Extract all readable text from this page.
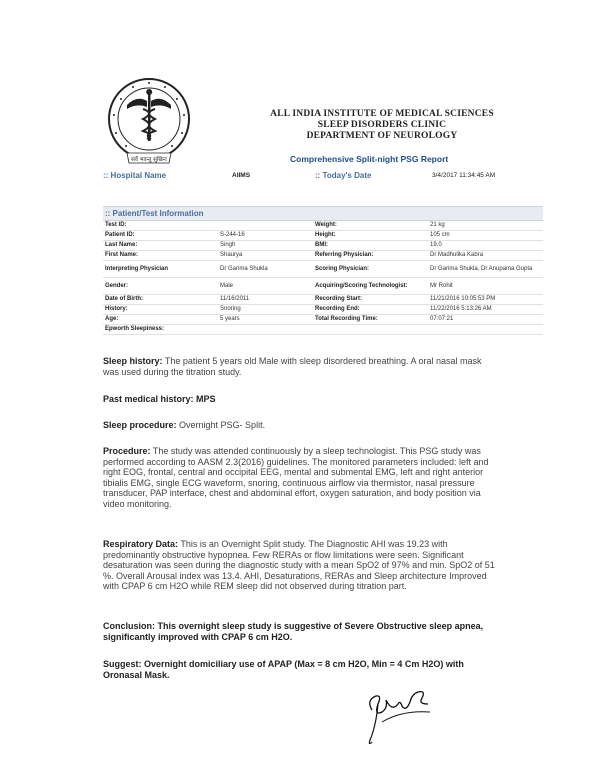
सर्वे भवन्तु सुखिनः
ALL INDIA INSTITUTE OF MEDICAL SCIENCES
SLEEP DISORDERS CLINIC
DEPARTMENT OF NEUROLOGY
Comprehensive Split-night PSG Report
:: Hospital Name	AIIMS	:: Today's Date	3/4/2017 11:34:45 AM
:: Patient/Test Information
Test ID:		Weight:	21 kg
Patient ID:	S-244-16	Height:	105 cm
Last Name:	Singh	BMI:	19.0
First Name:	Shaurya	Referring Physician:	Dr Madhulika Kabra
Interpreting Physician	Dr Garima Shukla	Scoring Physician:	Dr Garima Shukla, Dr Anupama Gupta
Gender:	Male	Acquiring/Scoring Technologist:	Mr Rohit
Date of Birth:	11/16/2011	Recording Start:	11/21/2016 10:05:53 PM
History:	Snoring	Recording End:	11/22/2016 5:13:26 AM
Age:	5 years	Total Recording Time:	07:07:21
Epworth Sleepiness:			
Sleep history: The patient 5 years old Male with sleep disordered breathing. A oral nasal mask was used during the titration study.
Past medical history: MPS
Sleep procedure: Overnight PSG- Split.
Procedure: The study was attended continuously by a sleep technologist. This PSG study was performed according to AASM 2.3(2016) guidelines. The monitored parameters included: left and right EOG, frontal, central and occipital EEG, mental and submental EMG, left and right anterior tibialis EMG, single ECG waveform, snoring, continuous airflow via thermistor, nasal pressure transducer, PAP interface, chest and abdominal effort, oxygen saturation, and body position via video monitoring.
Respiratory Data: This is an Overnight Split study. The Diagnostic AHI was 19.23 with predominantly obstructive hypopnea. Few RERAs or flow limitations were seen. Significant desaturation was seen during the diagnostic study with a mean SpO2 of 97% and min. SpO2 of 51 %. Overall Arousal index was 13.4. AHI, Desaturations, RERAs and Sleep architecture Improved with CPAP 6 cm H2O while REM sleep did not observed during titration part.
Conclusion: This overnight sleep study is suggestive of Severe Obstructive sleep apnea, significantly improved with CPAP 6 cm H2O.
Suggest: Overnight domiciliary use of APAP (Max = 8 cm H2O, Min = 4 Cm H2O) with Oronasal Mask.
